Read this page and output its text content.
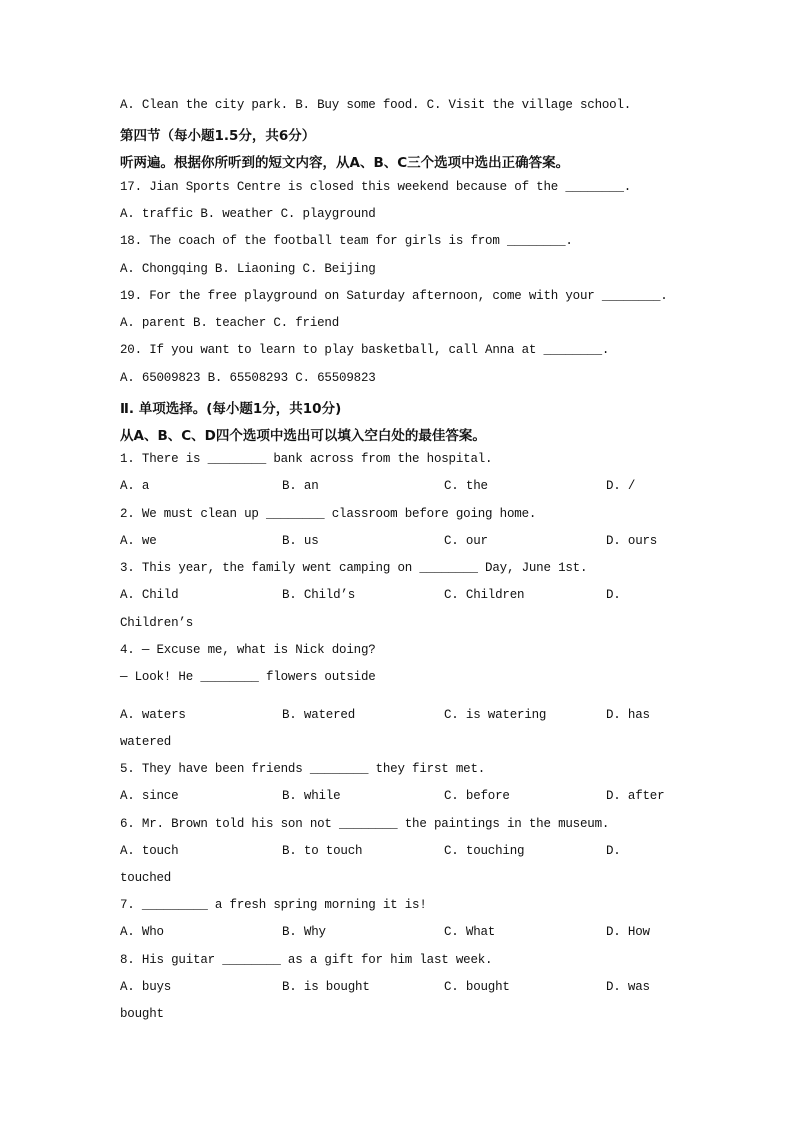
A. Clean the city park. B. Buy some food. C. Visit the village school.
第四节（每小题1.5分，共6分）
听两遍。根据你所听到的短文内容，从A、B、C三个选项中选出正确答案。
17. Jian Sports Centre is closed this weekend because of the ________.
A. traffic B. weather C. playground
18. The coach of the football team for girls is from ________.
A. Chongqing B. Liaoning C. Beijing
19. For the free playground on Saturday afternoon, come with your ________.
A. parent B. teacher C. friend
20. If you want to learn to play basketball, call Anna at ________.
A. 65009823 B. 65508293 C. 65509823
Ⅱ. 单项选择。(每小题1分，共10分)
从A、B、C、D四个选项中选出可以填入空白处的最佳答案。
1. There is ________ bank across from the hospital.
A. a	B. an	C. the	D. /
2. We must clean up ________ classroom before going home.
A. we	B. us	C. our	D. ours
3. This year, the family went camping on ________ Day, June 1st.
A. Child	B. Child’s	C. Children	D.
Children’s
4. — Excuse me, what is Nick doing?
— Look! He ________ flowers outside
A. waters	B. watered	C. is watering	D. has
watered
5. They have been friends ________ they first met.
A. since	B. while	C. before	D. after
6. Mr. Brown told his son not ________ the paintings in the museum.
A. touch	B. to touch	C. touching	D.
touched
7. _________ a fresh spring morning it is!
A. Who	B. Why	C. What	D. How
8. His guitar ________ as a gift for him last week.
A. buys	B. is bought	C. bought	D. was
bought
